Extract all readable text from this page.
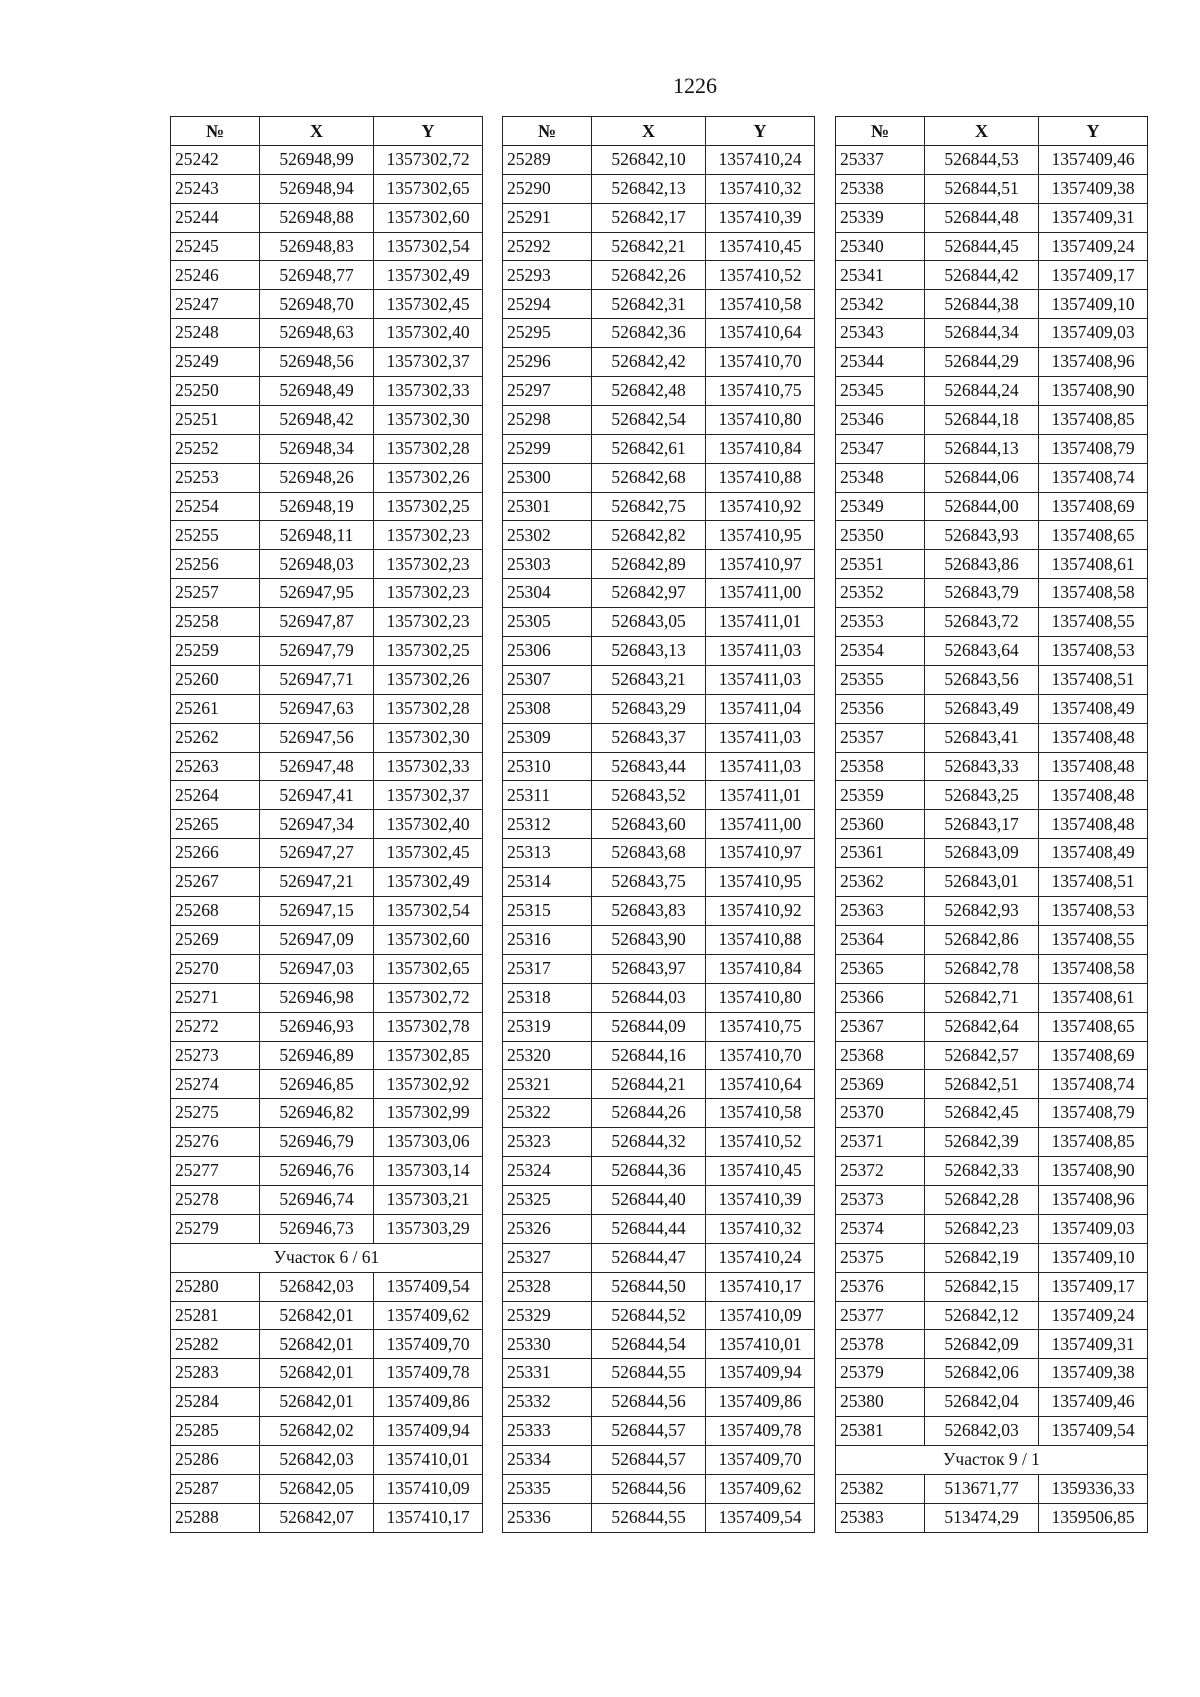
1226
№	X	Y
25242	526948,99	1357302,72
25243	526948,94	1357302,65
25244	526948,88	1357302,60
25245	526948,83	1357302,54
25246	526948,77	1357302,49
25247	526948,70	1357302,45
25248	526948,63	1357302,40
25249	526948,56	1357302,37
25250	526948,49	1357302,33
25251	526948,42	1357302,30
25252	526948,34	1357302,28
25253	526948,26	1357302,26
25254	526948,19	1357302,25
25255	526948,11	1357302,23
25256	526948,03	1357302,23
25257	526947,95	1357302,23
25258	526947,87	1357302,23
25259	526947,79	1357302,25
25260	526947,71	1357302,26
25261	526947,63	1357302,28
25262	526947,56	1357302,30
25263	526947,48	1357302,33
25264	526947,41	1357302,37
25265	526947,34	1357302,40
25266	526947,27	1357302,45
25267	526947,21	1357302,49
25268	526947,15	1357302,54
25269	526947,09	1357302,60
25270	526947,03	1357302,65
25271	526946,98	1357302,72
25272	526946,93	1357302,78
25273	526946,89	1357302,85
25274	526946,85	1357302,92
25275	526946,82	1357302,99
25276	526946,79	1357303,06
25277	526946,76	1357303,14
25278	526946,74	1357303,21
25279	526946,73	1357303,29
Участок 6 / 61		
25280	526842,03	1357409,54
25281	526842,01	1357409,62
25282	526842,01	1357409,70
25283	526842,01	1357409,78
25284	526842,01	1357409,86
25285	526842,02	1357409,94
25286	526842,03	1357410,01
25287	526842,05	1357410,09
25288	526842,07	1357410,17
№	X	Y
25289	526842,10	1357410,24
25290	526842,13	1357410,32
25291	526842,17	1357410,39
25292	526842,21	1357410,45
25293	526842,26	1357410,52
25294	526842,31	1357410,58
25295	526842,36	1357410,64
25296	526842,42	1357410,70
25297	526842,48	1357410,75
25298	526842,54	1357410,80
25299	526842,61	1357410,84
25300	526842,68	1357410,88
25301	526842,75	1357410,92
25302	526842,82	1357410,95
25303	526842,89	1357410,97
25304	526842,97	1357411,00
25305	526843,05	1357411,01
25306	526843,13	1357411,03
25307	526843,21	1357411,03
25308	526843,29	1357411,04
25309	526843,37	1357411,03
25310	526843,44	1357411,03
25311	526843,52	1357411,01
25312	526843,60	1357411,00
25313	526843,68	1357410,97
25314	526843,75	1357410,95
25315	526843,83	1357410,92
25316	526843,90	1357410,88
25317	526843,97	1357410,84
25318	526844,03	1357410,80
25319	526844,09	1357410,75
25320	526844,16	1357410,70
25321	526844,21	1357410,64
25322	526844,26	1357410,58
25323	526844,32	1357410,52
25324	526844,36	1357410,45
25325	526844,40	1357410,39
25326	526844,44	1357410,32
25327	526844,47	1357410,24
25328	526844,50	1357410,17
25329	526844,52	1357410,09
25330	526844,54	1357410,01
25331	526844,55	1357409,94
25332	526844,56	1357409,86
25333	526844,57	1357409,78
25334	526844,57	1357409,70
25335	526844,56	1357409,62
25336	526844,55	1357409,54
№	X	Y
25337	526844,53	1357409,46
25338	526844,51	1357409,38
25339	526844,48	1357409,31
25340	526844,45	1357409,24
25341	526844,42	1357409,17
25342	526844,38	1357409,10
25343	526844,34	1357409,03
25344	526844,29	1357408,96
25345	526844,24	1357408,90
25346	526844,18	1357408,85
25347	526844,13	1357408,79
25348	526844,06	1357408,74
25349	526844,00	1357408,69
25350	526843,93	1357408,65
25351	526843,86	1357408,61
25352	526843,79	1357408,58
25353	526843,72	1357408,55
25354	526843,64	1357408,53
25355	526843,56	1357408,51
25356	526843,49	1357408,49
25357	526843,41	1357408,48
25358	526843,33	1357408,48
25359	526843,25	1357408,48
25360	526843,17	1357408,48
25361	526843,09	1357408,49
25362	526843,01	1357408,51
25363	526842,93	1357408,53
25364	526842,86	1357408,55
25365	526842,78	1357408,58
25366	526842,71	1357408,61
25367	526842,64	1357408,65
25368	526842,57	1357408,69
25369	526842,51	1357408,74
25370	526842,45	1357408,79
25371	526842,39	1357408,85
25372	526842,33	1357408,90
25373	526842,28	1357408,96
25374	526842,23	1357409,03
25375	526842,19	1357409,10
25376	526842,15	1357409,17
25377	526842,12	1357409,24
25378	526842,09	1357409,31
25379	526842,06	1357409,38
25380	526842,04	1357409,46
25381	526842,03	1357409,54
Участок 9 / 1		
25382	513671,77	1359336,33
25383	513474,29	1359506,85
